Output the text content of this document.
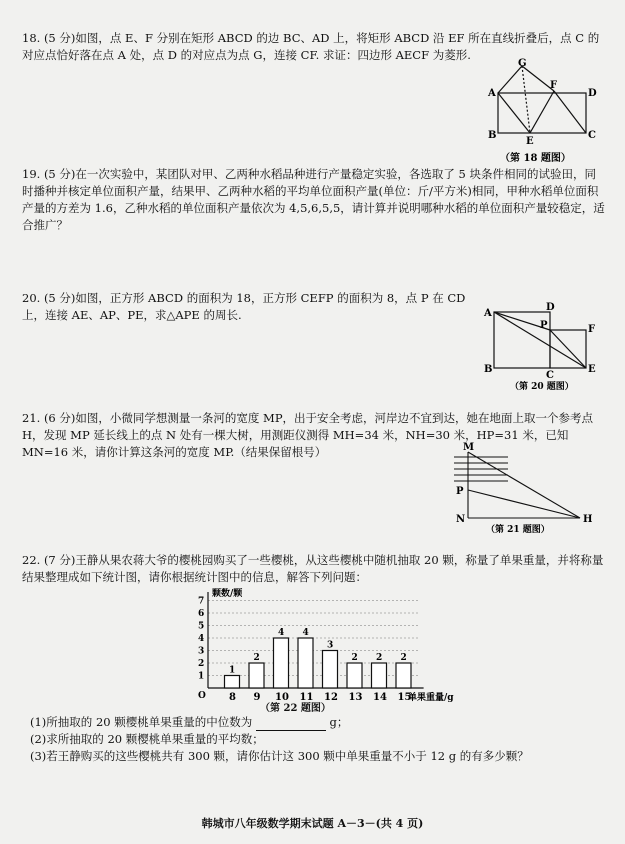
18. (5 分)如图，点 E、F 分别在矩形 ABCD 的边 BC、AD 上，将矩形 ABCD 沿 EF 所在直线折叠后，点 C 的对应点恰好落在点 A 处，点 D 的对应点为点 G，连接 CF. 求证：四边形 AECF 为菱形.

G
A
F
D
B
E
C
（第 18 题图）

19. (5 分)在一次实验中，某团队对甲、乙两种水稻品种进行产量稳定实验，各选取了 5 块条件相同的试验田，同时播种并核定单位面积产量，结果甲、乙两种水稻的平均单位面积产量(单位：斤/平方米)相同，甲种水稻单位面积产量的方差为 1.6，乙种水稻的单位面积产量依次为 4,5,6,5,5，请计算并说明哪种水稻的单位面积产量较稳定，适合推广？

20. (5 分)如图，正方形 ABCD 的面积为 18，正方形 CEFP 的面积为 8，点 P 在 CD 上，连接 AE、AP、PE，求△APE 的周长.	A
D
P	F
B
C
E
（第 20 题图）

21. (6 分)如图，小微同学想测量一条河的宽度 MP，出于安全考虑，河岸边不宜到达，她在地面上取一个参考点 H，发现 MP 延长线上的点 N 处有一棵大树，用测距仪测得 MH=34 米，NH=30 米，HP=31 米，已知 MN=16 米，请你计算这条河的宽度 MP.（结果保留根号）	M
P
N	H
（第 21 题图）

22. (7 分)王静从果农蒋大爷的樱桃园购买了一些樱桃，从这些樱桃中随机抽取 20 颗，称量了单果重量，并将称量结果整理成如下统计图，请你根据统计图中的信息，解答下列问题：

1
2
3
4
5
6
7
颗数/颗
单果重量/g
O
1
8
2
9
4
10
4
11
3
12
2
13
2
14
2
15
（第 22 题图）
(1)所抽取的 20 颗樱桃单果重量的中位数为	g；
(2)求所抽取的 20 颗樱桃单果重量的平均数；
(3)若王静购买的这些樱桃共有 300 颗，请你估计这 300 颗中单果重量不小于 12 g 的有多少颗？
韩城市八年级数学期末试题 A－3－(共 4 页)
